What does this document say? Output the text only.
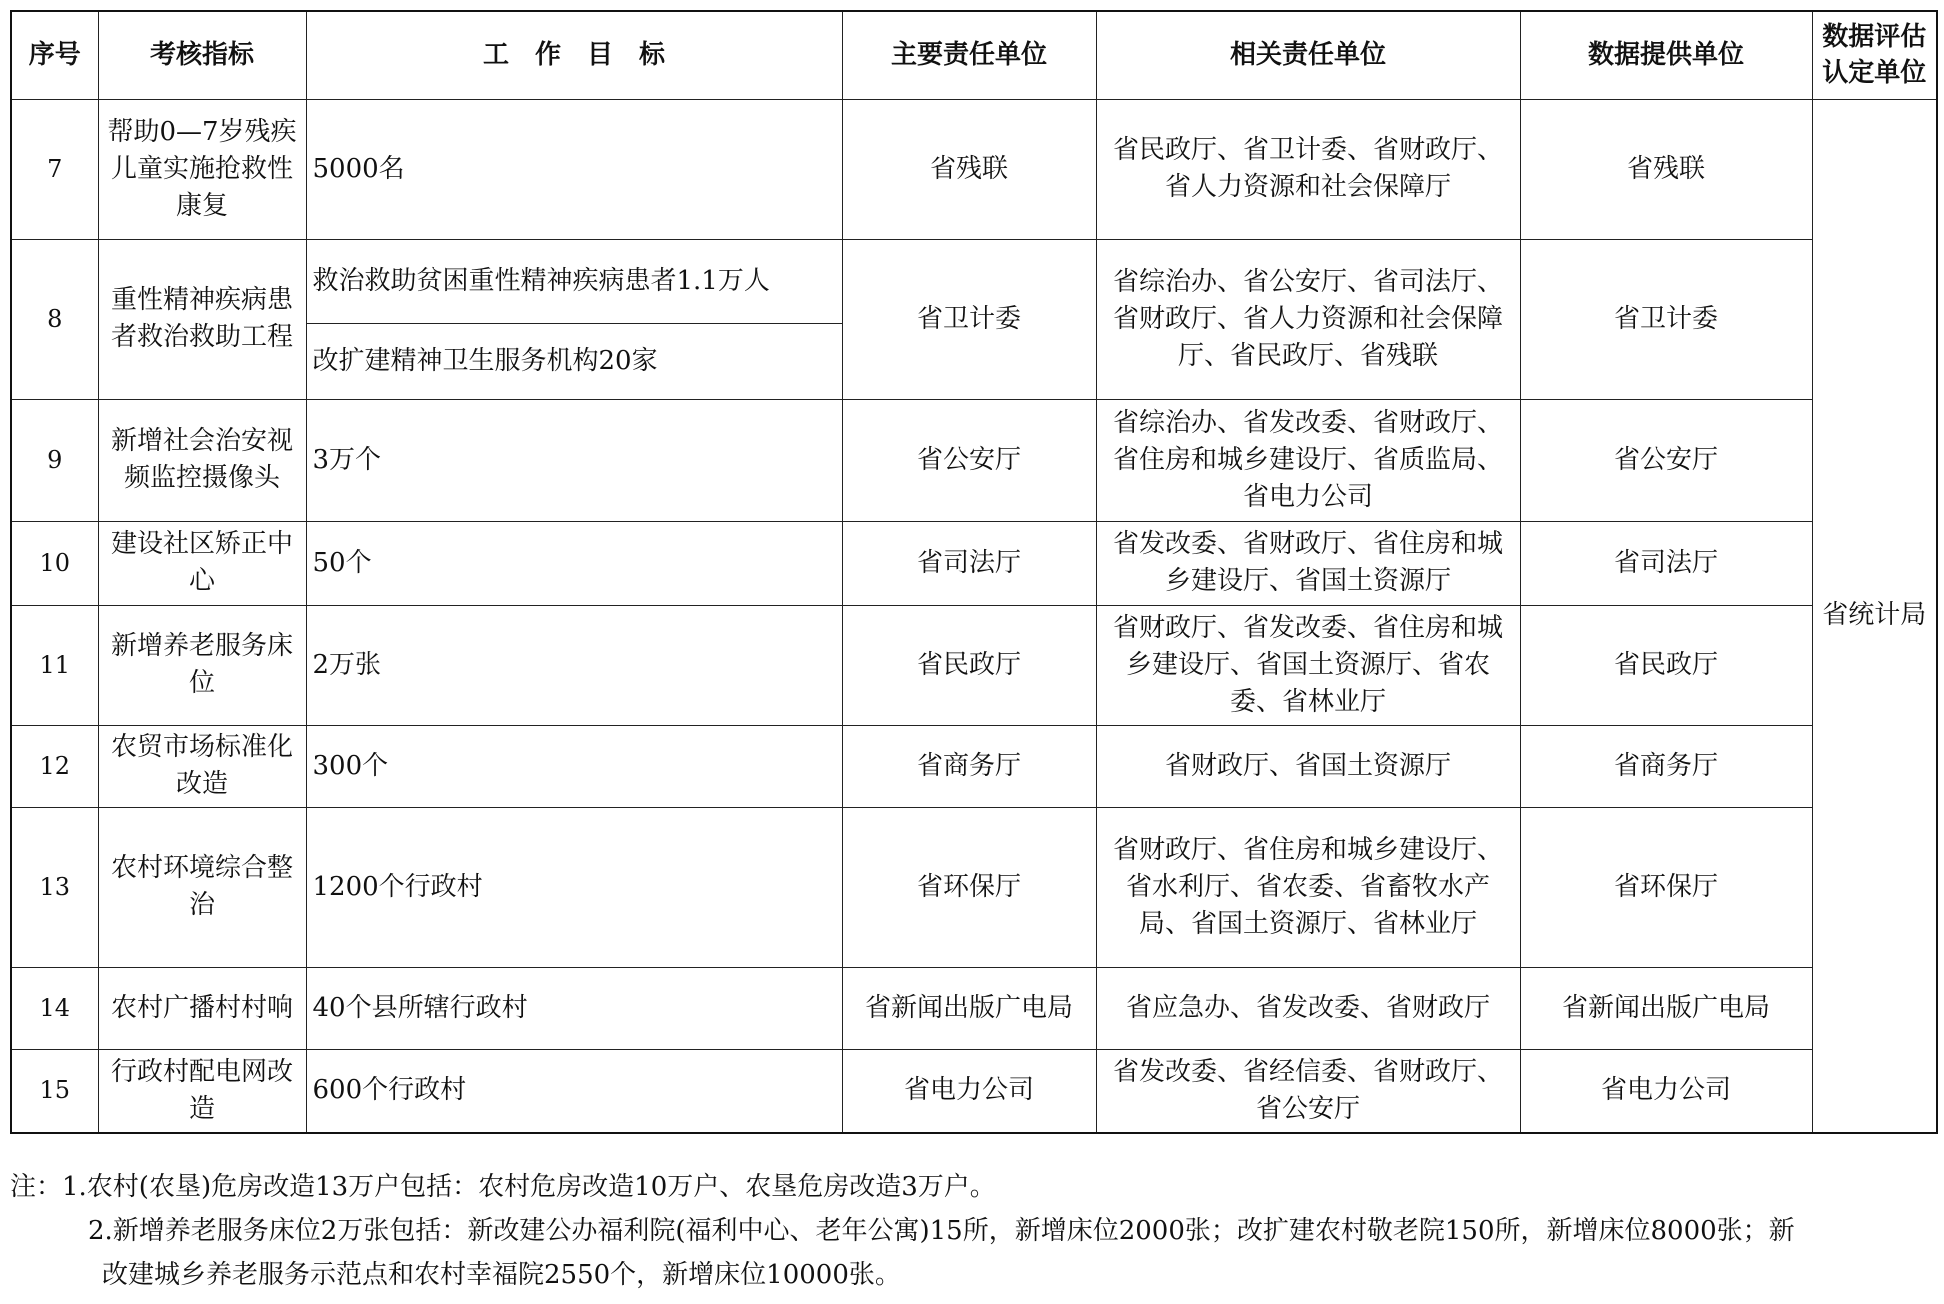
序号	考核指标	工　作　目　标	主要责任单位	相关责任单位	数据提供单位	数据评估认定单位
7	帮助0—7岁残疾儿童实施抢救性康复	5000名	省残联	省民政厅、省卫计委、省财政厅、省人力资源和社会保障厅	省残联	省统计局
8	重性精神疾病患者救治救助工程	救治救助贫困重性精神疾病患者1.1万人
改扩建精神卫生服务机构20家	省卫计委	省综治办、省公安厅、省司法厅、省财政厅、省人力资源和社会保障厅、省民政厅、省残联	省卫计委	
9	新增社会治安视频监控摄像头	3万个	省公安厅	省综治办、省发改委、省财政厅、省住房和城乡建设厅、省质监局、省电力公司	省公安厅	
10	建设社区矫正中心	50个	省司法厅	省发改委、省财政厅、省住房和城乡建设厅、省国土资源厅	省司法厅	
11	新增养老服务床位	2万张	省民政厅	省财政厅、省发改委、省住房和城乡建设厅、省国土资源厅、省农委、省林业厅	省民政厅	
12	农贸市场标准化改造	300个	省商务厅	省财政厅、省国土资源厅	省商务厅	
13	农村环境综合整治	1200个行政村	省环保厅	省财政厅、省住房和城乡建设厅、省水利厅、省农委、省畜牧水产局、省国土资源厅、省林业厅	省环保厅	
14	农村广播村村响	40个县所辖行政村	省新闻出版广电局	省应急办、省发改委、省财政厅	省新闻出版广电局	
15	行政村配电网改造	600个行政村	省电力公司	省发改委、省经信委、省财政厅、省公安厅	省电力公司	
注：1.农村(农垦)危房改造13万户包括：农村危房改造10万户、农垦危房改造3万户。
2.新增养老服务床位2万张包括：新改建公办福利院(福利中心、老年公寓)15所，新增床位2000张；改扩建农村敬老院150所，新增床位8000张；新
改建城乡养老服务示范点和农村幸福院2550个，新增床位10000张。
